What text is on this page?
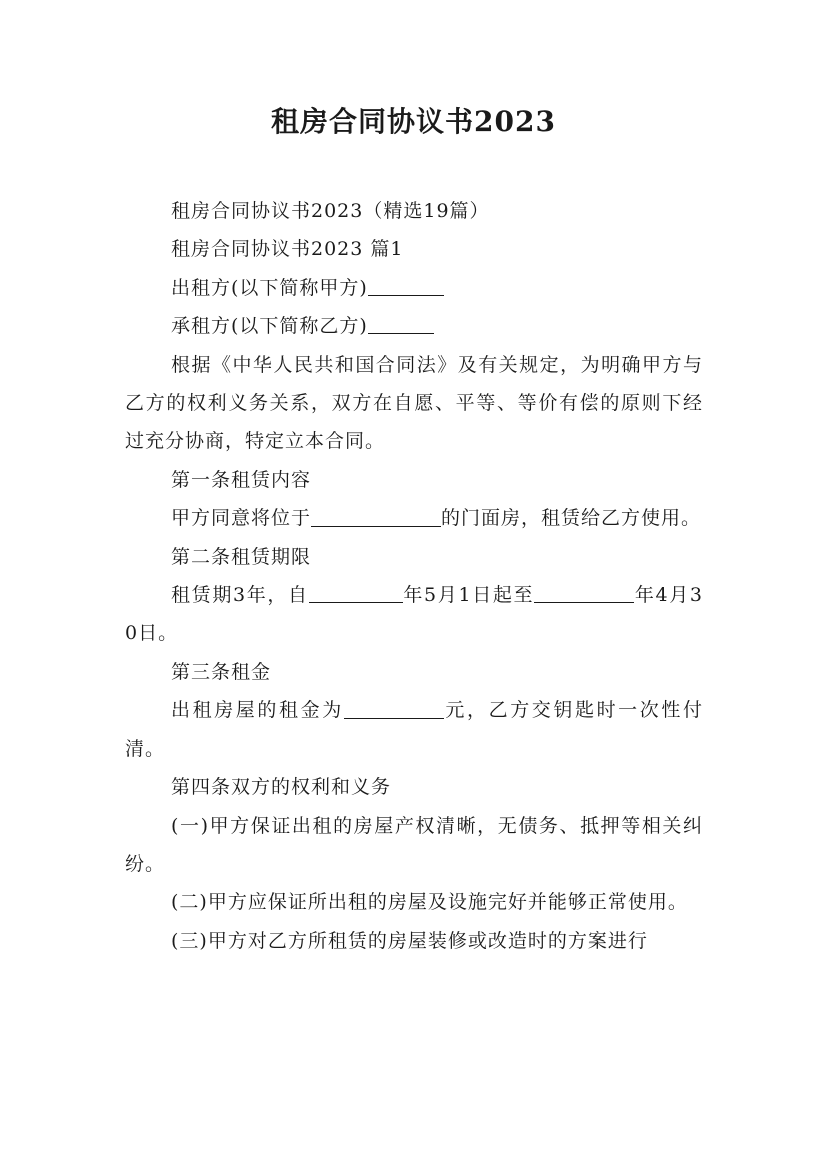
租房合同协议书2023

租房合同协议书2023（精选19篇）

租房合同协议书2023 篇1

出租方(以下简称甲方)

承租方(以下简称乙方)

根据《中华人民共和国合同法》及有关规定，为明确甲方与乙方的权利义务关系，双方在自愿、平等、等价有偿的原则下经过充分协商，特定立本合同。

第一条租赁内容

甲方同意将位于	的门面房，租赁给乙方使用。

第二条租赁期限

租赁期3年，自	年5月1日起至	年4月30日。

第三条租金

出租房屋的租金为	元，乙方交钥匙时一次性付清。

第四条双方的权利和义务

(一)甲方保证出租的房屋产权清晰，无债务、抵押等相关纠纷。

(二)甲方应保证所出租的房屋及设施完好并能够正常使用。

(三)甲方对乙方所租赁的房屋装修或改造时的方案进行
